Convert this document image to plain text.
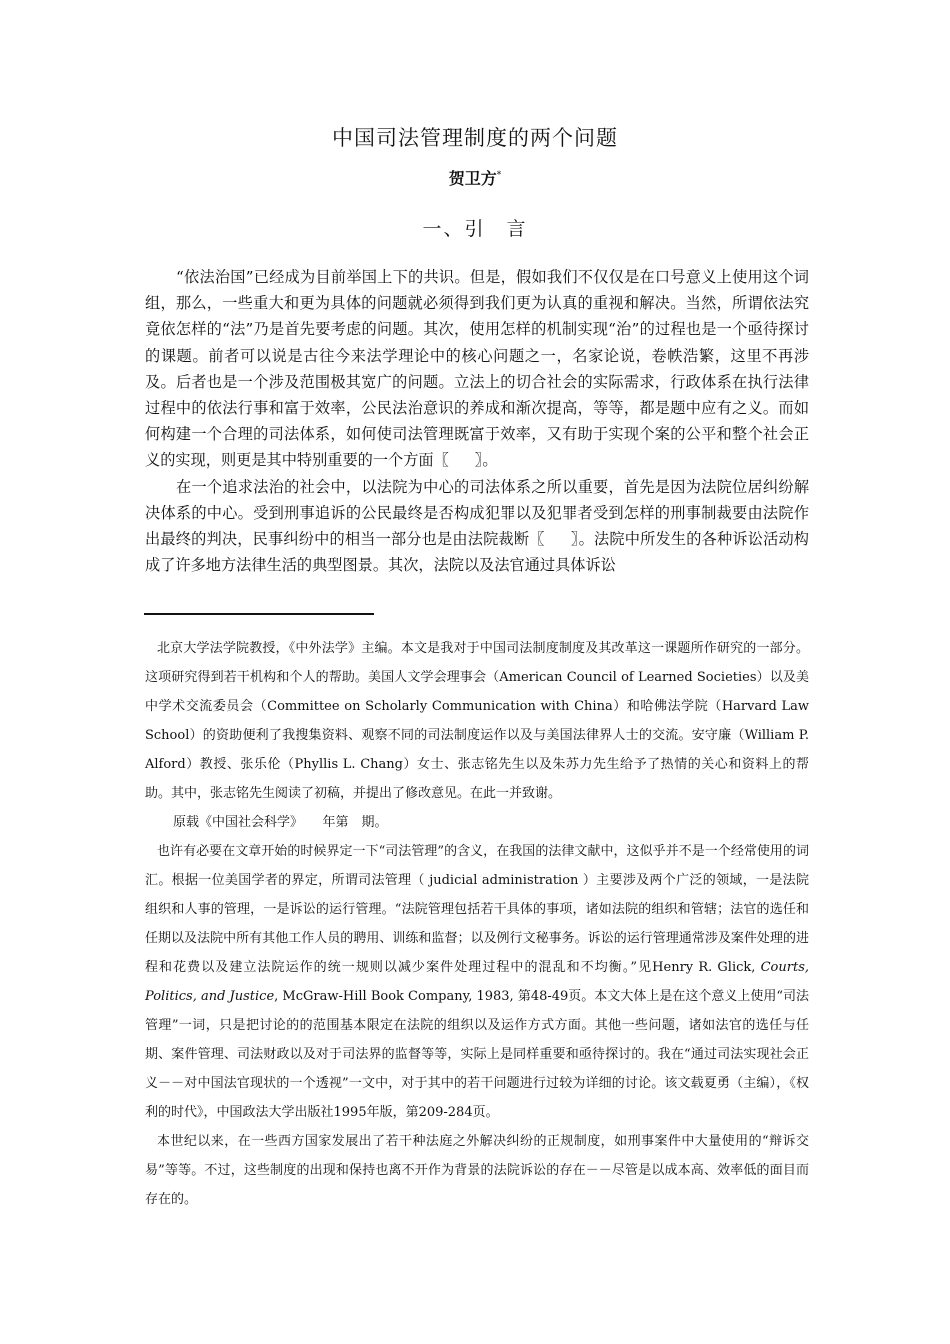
中国司法管理制度的两个问题
贺卫方*
一、引　言

“依法治国”已经成为目前举国上下的共识。但是，假如我们不仅仅是在口号意义上使用这个词组，那么，一些重大和更为具体的问题就必须得到我们更为认真的重视和解决。当然，所谓依法究竟依怎样的“法”乃是首先要考虑的问题。其次，使用怎样的机制实现“治”的过程也是一个亟待探讨的课题。前者可以说是古往今来法学理论中的核心问题之一，名家论说，卷帙浩繁，这里不再涉及。后者也是一个涉及范围极其宽广的问题。立法上的切合社会的实际需求，行政体系在执行法律过程中的依法行事和富于效率，公民法治意识的养成和渐次提高，等等，都是题中应有之义。而如何构建一个合理的司法体系，如何使司法管理既富于效率，又有助于实现个案的公平和整个社会正义的实现，则更是其中特别重要的一个方面〖 〗。

在一个追求法治的社会中，以法院为中心的司法体系之所以重要，首先是因为法院位居纠纷解决体系的中心。受到刑事追诉的公民最终是否构成犯罪以及犯罪者受到怎样的刑事制裁要由法院作出最终的判决，民事纠纷中的相当一部分也是由法院裁断〖 〗。法院中所发生的各种诉讼活动构成了许多地方法律生活的典型图景。其次，法院以及法官通过具体诉讼

北京大学法学院教授，《中外法学》主编。本文是我对于中国司法制度制度及其改革这一课题所作研究的一部分。这项研究得到若干机构和个人的帮助。美国人文学会理事会（American Council of Learned Societies）以及美中学术交流委员会（Committee on Scholarly Communication with China）和哈佛法学院（Harvard Law School）的资助便利了我搜集资料、观察不同的司法制度运作以及与美国法律界人士的交流。安守廉（William P. Alford）教授、张乐伦（Phyllis L. Chang）女士、张志铭先生以及朱苏力先生给予了热情的关心和资料上的帮助。其中，张志铭先生阅读了初稿，并提出了修改意见。在此一并致谢。

原载《中国社会科学》　　年第　期。

也许有必要在文章开始的时候界定一下“司法管理”的含义，在我国的法律文献中，这似乎并不是一个经常使用的词汇。根据一位美国学者的界定，所谓司法管理（ judicial administration ）主要涉及两个广泛的领域，一是法院组织和人事的管理，一是诉讼的运行管理。“法院管理包括若干具体的事项，诸如法院的组织和管辖；法官的选任和任期以及法院中所有其他工作人员的聘用、训练和监督；以及例行文秘事务。诉讼的运行管理通常涉及案件处理的进程和花费以及建立法院运作的统一规则以减少案件处理过程中的混乱和不均衡。”见Henry R. Glick, Courts, Politics, and Justice, McGraw-Hill Book Company, 1983, 第48-49页。本文大体上是在这个意义上使用“司法管理”一词，只是把讨论的的范围基本限定在法院的组织以及运作方式方面。其他一些问题，诸如法官的选任与任期、案件管理、司法财政以及对于司法界的监督等等，实际上是同样重要和亟待探讨的。我在“通过司法实现社会正义－－对中国法官现状的一个透视”一文中，对于其中的若干问题进行过较为详细的讨论。该文载夏勇（主编），《权利的时代》，中国政法大学出版社1995年版，第209-284页。

本世纪以来，在一些西方国家发展出了若干种法庭之外解决纠纷的正规制度，如刑事案件中大量使用的“辩诉交易”等等。不过，这些制度的出现和保持也离不开作为背景的法院诉讼的存在－－尽管是以成本高、效率低的面目而存在的。
